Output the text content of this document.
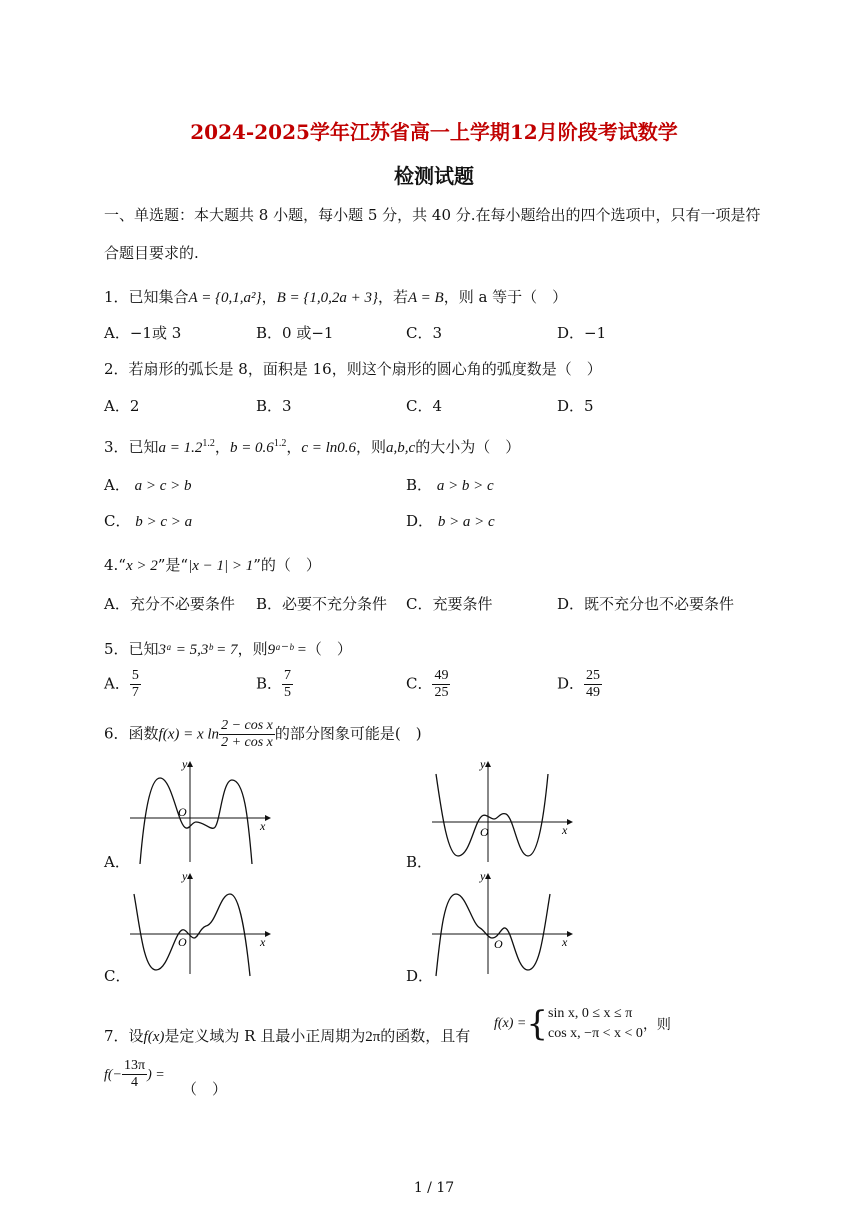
2024-2025学年江苏省高一上学期12月阶段考试数学
检测试题
一、单选题：本大题共 8 小题，每小题 5 分，共 40 分.在每小题给出的四个选项中，只有一项是符
合题目要求的.
1．已知集合A = {0,1,a²}，B = {1,0,2a + 3}，若A = B，则 a 等于（　）
A．−1或 3	B．0 或−1	C．3	D．−1
2．若扇形的弧长是 8，面积是 16，则这个扇形的圆心角的弧度数是（　）
A．2	B．3	C．4	D．5
3．已知$a = 1.2^{1.2}$，$b = 0.6^{1.2}$，c = ln0.6，则a,b,c的大小为（　）
A． a > c > b	B． a > b > c
C． b > c > a	D． b > a > c
4.“x > 2”是“|x − 1| > 1”的（　）
A．充分不必要条件 B．必要不充分条件 C．充要条件	D．既不充分也不必要条件
5．已知3ᵃ = 5,3ᵇ = 7，则9ᵃ⁻ᵇ =（　）
A． $\frac{5}{7}$	B． $\frac{7}{5}$	C． $\frac{49}{25}$	D． $\frac{25}{49}$
6．函数f(x) = x $\ln \frac{\text{2 − cos x}}{\text{2 + cos x}}$ 的部分图象可能是(　)
A．	B．
C．	D．
x
y
O
x
y
O
x
y
O	x
y
O
7．设f(x)是定义域为 R 且最小正周期为2π的函数，且有
f(x) ={ sin x, 0 ≤ x ≤ π
cos x, −π < x < 0
，则
$f(- \frac{13\pi}{4}$ ) =
（　）
1 / 17
